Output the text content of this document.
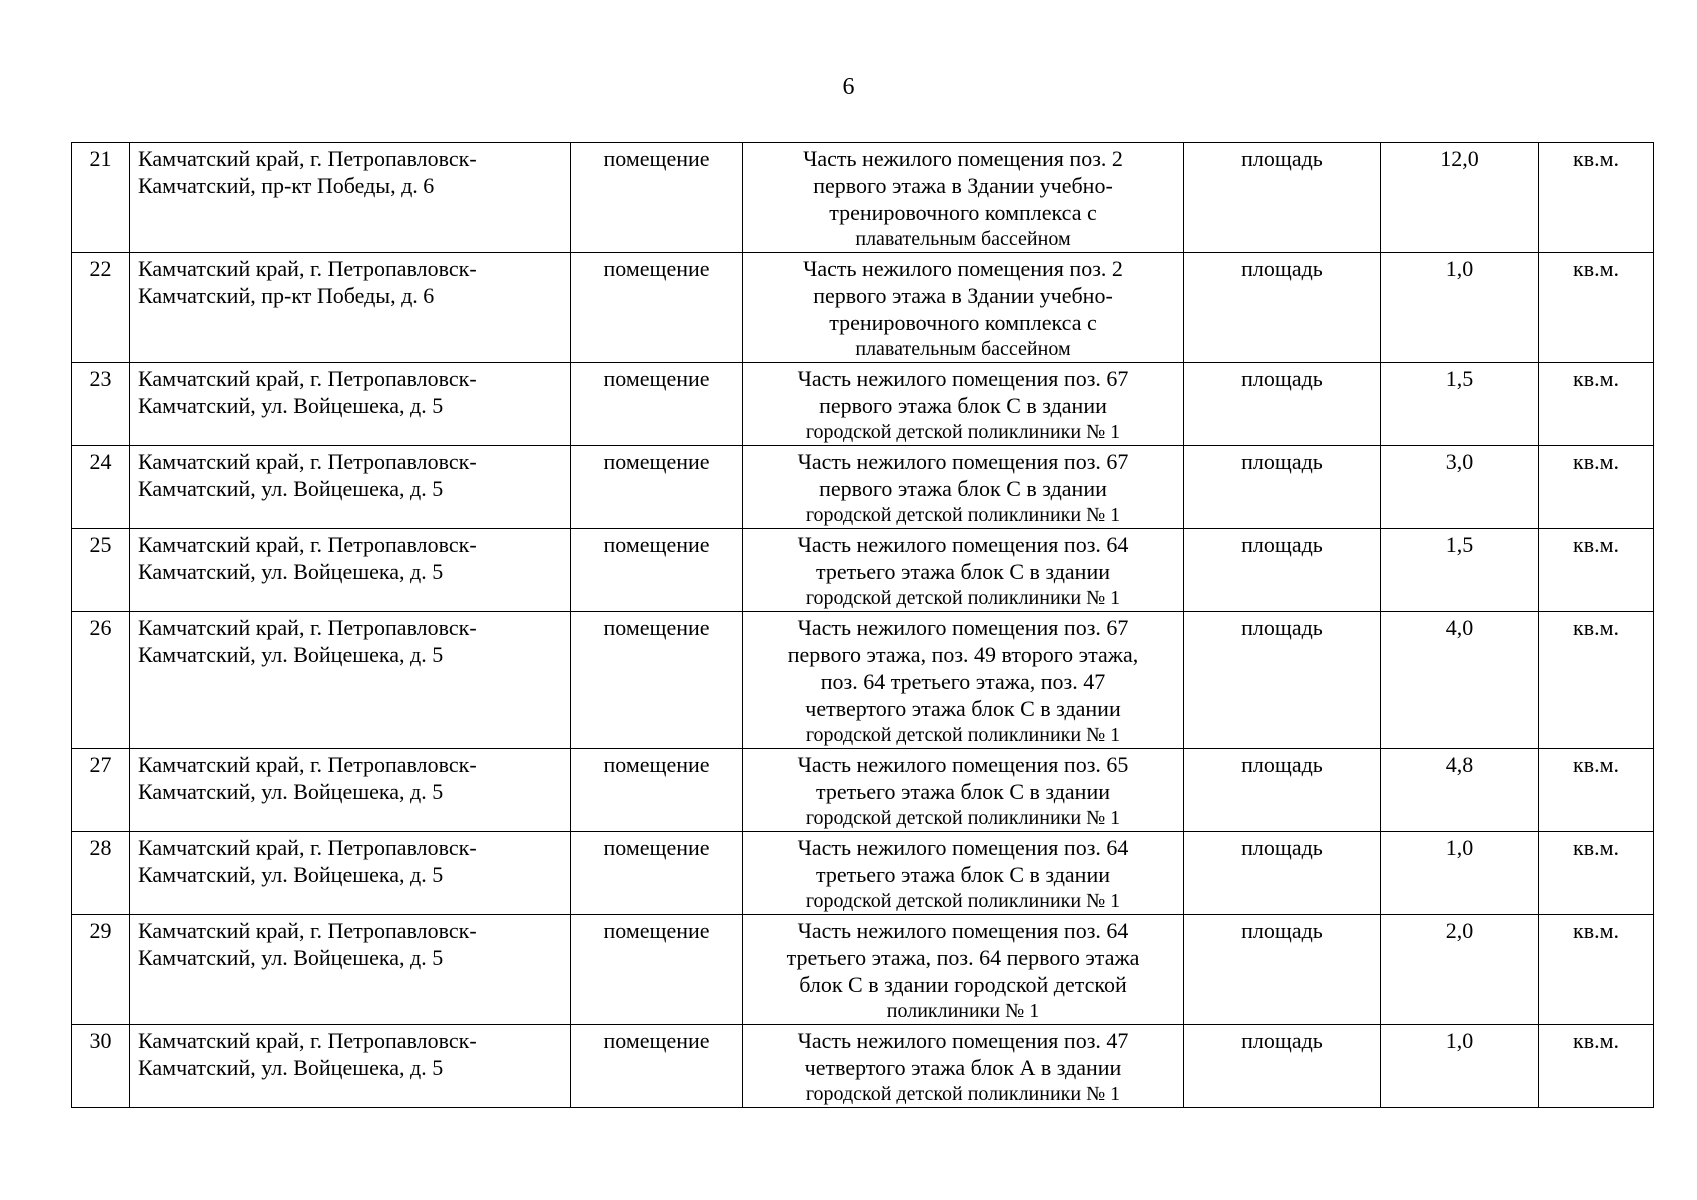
6
21	Камчатский край, г. Петропавловск-
Камчатский, пр-кт Победы, д. 6	помещение	Часть нежилого помещения поз. 2
первого этажа в Здании учебно-
тренировочного комплекса с
плавательным бассейном	площадь	12,0	кв.м.
22	Камчатский край, г. Петропавловск-
Камчатский, пр-кт Победы, д. 6	помещение	Часть нежилого помещения поз. 2
первого этажа в Здании учебно-
тренировочного комплекса с
плавательным бассейном	площадь	1,0	кв.м.
23	Камчатский край, г. Петропавловск-
Камчатский, ул. Войцешека, д. 5	помещение	Часть нежилого помещения поз. 67
первого этажа блок С в здании
городской детской поликлиники № 1	площадь	1,5	кв.м.
24	Камчатский край, г. Петропавловск-
Камчатский, ул. Войцешека, д. 5	помещение	Часть нежилого помещения поз. 67
первого этажа блок С в здании
городской детской поликлиники № 1	площадь	3,0	кв.м.
25	Камчатский край, г. Петропавловск-
Камчатский, ул. Войцешека, д. 5	помещение	Часть нежилого помещения поз. 64
третьего этажа блок С в здании
городской детской поликлиники № 1	площадь	1,5	кв.м.
26	Камчатский край, г. Петропавловск-
Камчатский, ул. Войцешека, д. 5	помещение	Часть нежилого помещения поз. 67
первого этажа, поз. 49 второго этажа,
поз. 64 третьего этажа, поз. 47
четвертого этажа блок С в здании
городской детской поликлиники № 1	площадь	4,0	кв.м.
27	Камчатский край, г. Петропавловск-
Камчатский, ул. Войцешека, д. 5	помещение	Часть нежилого помещения поз. 65
третьего этажа блок С в здании
городской детской поликлиники № 1	площадь	4,8	кв.м.
28	Камчатский край, г. Петропавловск-
Камчатский, ул. Войцешека, д. 5	помещение	Часть нежилого помещения поз. 64
третьего этажа блок С в здании
городской детской поликлиники № 1	площадь	1,0	кв.м.
29	Камчатский край, г. Петропавловск-
Камчатский, ул. Войцешека, д. 5	помещение	Часть нежилого помещения поз. 64
третьего этажа, поз. 64 первого этажа
блок С в здании городской детской
поликлиники № 1	площадь	2,0	кв.м.
30	Камчатский край, г. Петропавловск-
Камчатский, ул. Войцешека, д. 5	помещение	Часть нежилого помещения поз. 47
четвертого этажа блок А в здании
городской детской поликлиники № 1	площадь	1,0	кв.м.
